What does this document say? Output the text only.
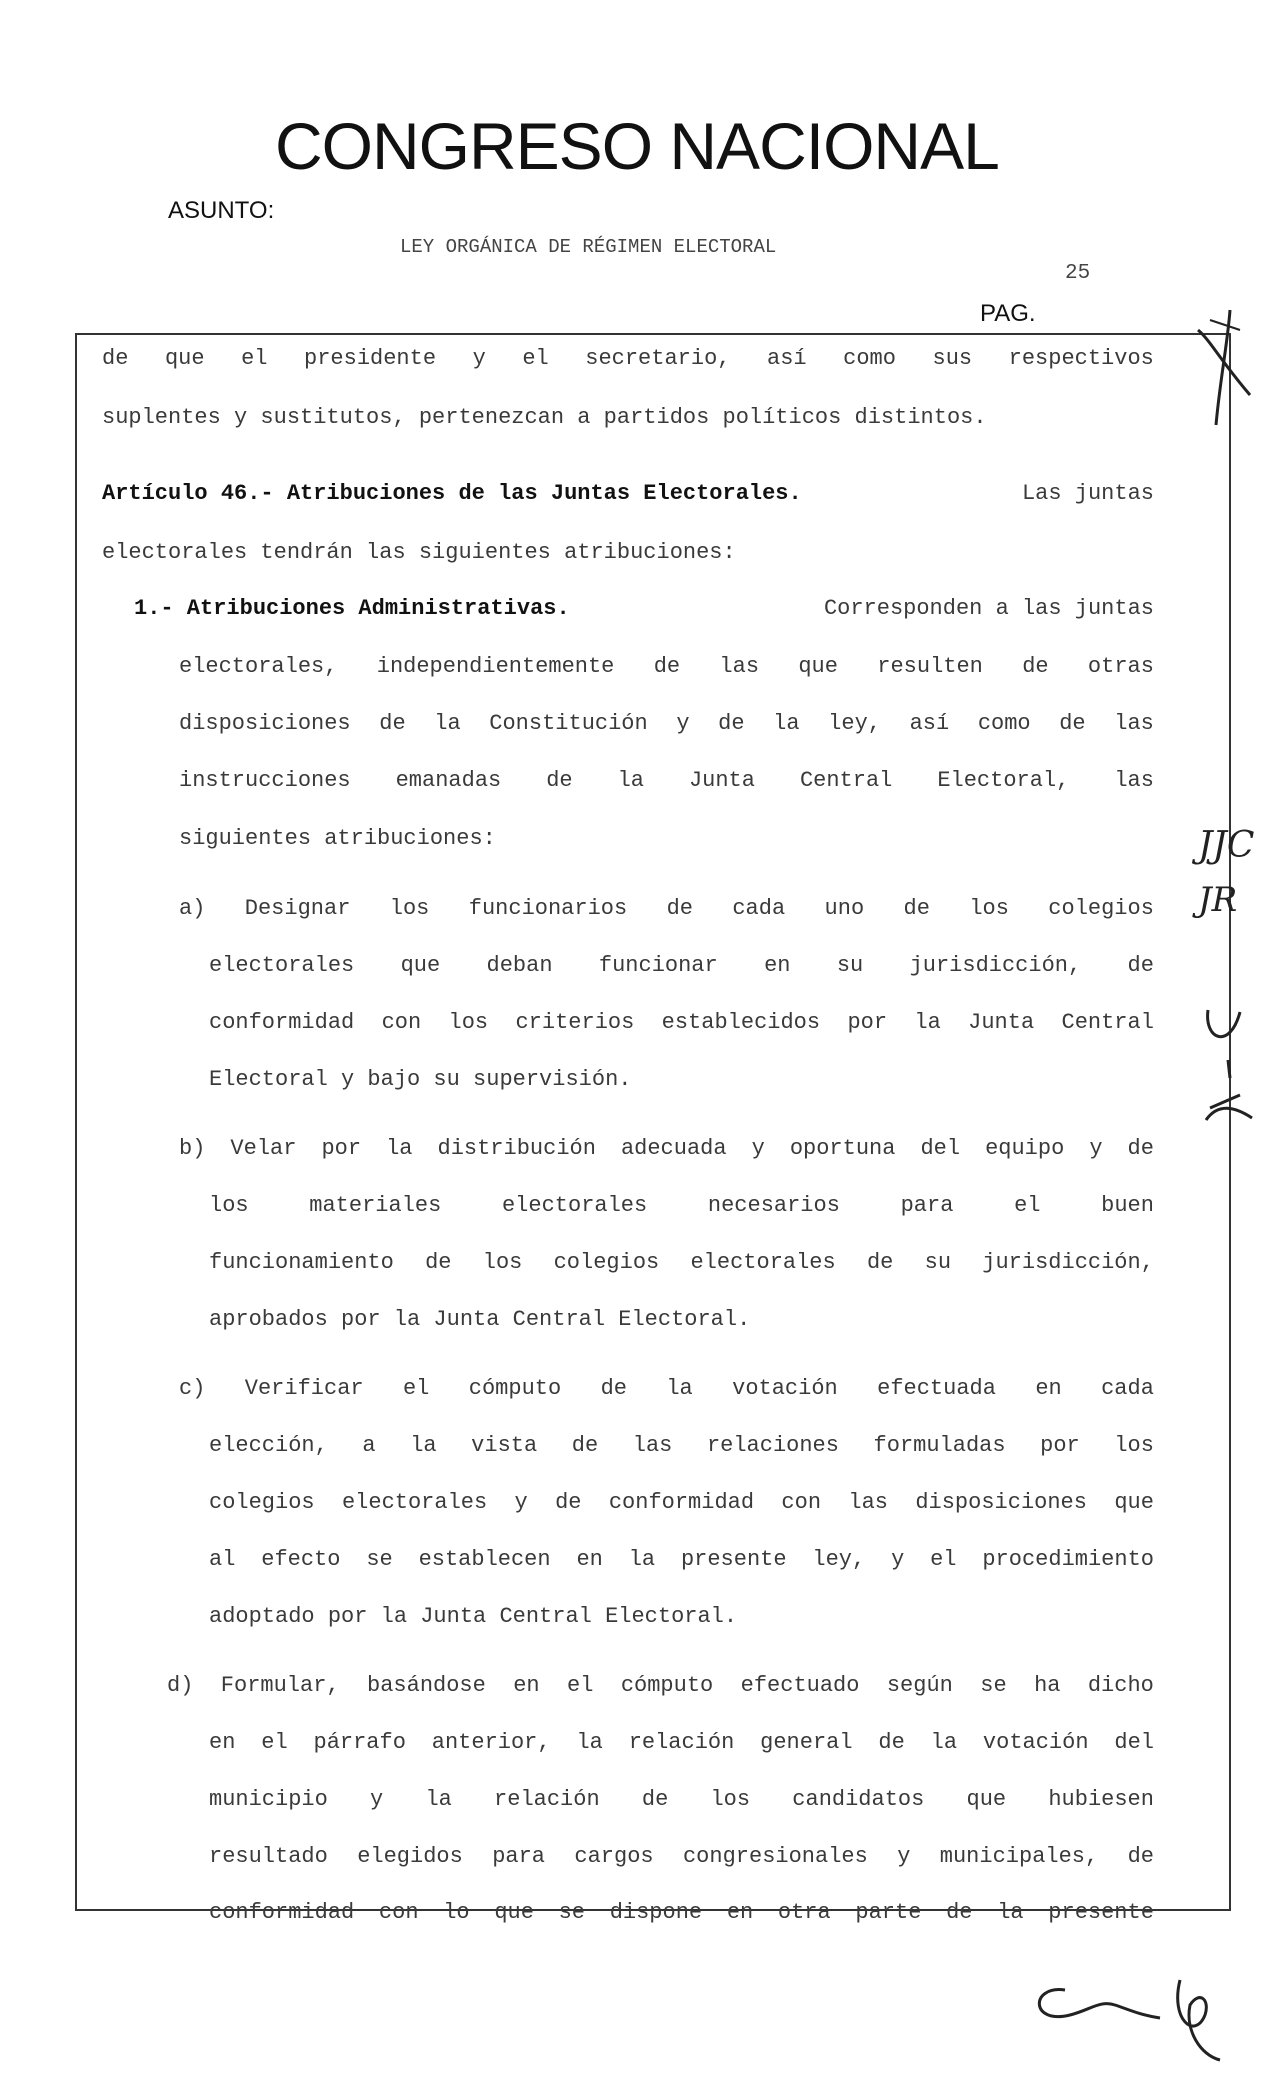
CONGRESO NACIONAL
ASUNTO:
LEY ORGÁNICA DE RÉGIMEN ELECTORAL
25
PAG.
de que el presidente y el secretario, así como sus respectivos
suplentes y sustitutos, pertenezcan a partidos políticos distintos.
Artículo 46.- Atribuciones de las Juntas Electorales.	Las juntas
electorales tendrán las siguientes atribuciones:
1.- Atribuciones Administrativas.	Corresponden a las juntas
electorales, independientemente de las que resulten de otras
disposiciones de la Constitución y de la ley, así como de las
instrucciones emanadas de la Junta Central Electoral, las
siguientes atribuciones:
a) Designar los funcionarios de cada uno de los colegios
electorales que deban funcionar en su jurisdicción, de
conformidad con los criterios establecidos por la Junta Central
Electoral y bajo su supervisión.
b) Velar por la distribución adecuada y oportuna del equipo y de
los	materiales	electorales	necesarios	para	el	buen
funcionamiento de los colegios electorales de su jurisdicción,
aprobados por la Junta Central Electoral.
c) Verificar el cómputo de la votación efectuada en cada
elección, a la vista de las relaciones formuladas por los
colegios electorales y de conformidad con las disposiciones que
al efecto se establecen en la presente ley, y el procedimiento
adoptado por la Junta Central Electoral.
d) Formular, basándose en el cómputo efectuado según se ha dicho
en el párrafo anterior, la relación general de la votación del
municipio y la relación de los candidatos que hubiesen
resultado elegidos para cargos congresionales y municipales, de
conformidad con lo que se dispone en otra parte de la presente
JJC
JR
